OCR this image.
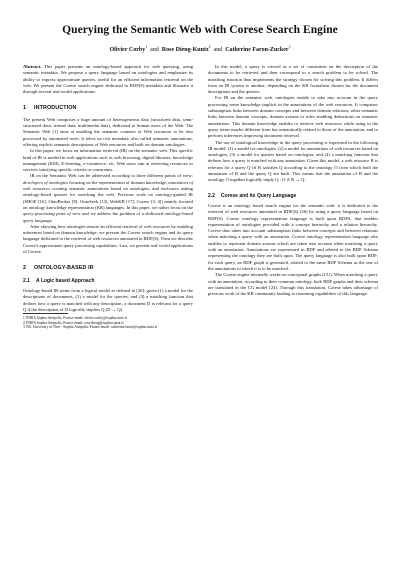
Querying the Semantic Web with Corese Search Engine
Olivier Corby$^1$ and Rose Dieng-Kuntz$^2$ and Catherine Faron-Zucker$^3$

Abstract. This paper presents an ontology-based approach for web querying, using semantic metadata. We propose a query language based on ontologies and emphasize its ability to express approximate queries, useful for an efficient information retrieval on the web. We present the Corese search engine dedicated to RDF(S) metadata and illustrate it through several real-world applications.

1 INTRODUCTION

The present Web comprises a huge amount of heterogeneous data (structured data, semi-structured data, textual data, multimedia data), dedicated to human users of the Web. The Semantic Web [1] aims at enabling the semantic contents of Web resources to be also processed by automated tools. It relies on rich metadata, also called semantic annotations, offering explicit semantic descriptions of Web resources and built on domain ontologies.

In this paper, we focus on information retrieval (IR) on the semantic web. This specific kind of IR is needed in web applications such as web browsing, digital libraries, knowledge management (KM), E-learning, e-commerce, etc. Web users aim at retrieving resources or services satisfying specific criteria or constraints.

IR on the Semantic Web can be addressed according to three different points of view: developers of ontologies focusing on the representation of domain knowledge, annotators of web resources creating semantic annotations based on ontologies, and end-users asking ontology-based queries for searching the web. Previous work on ontology-guided IR (SHOE [16], OntoBroker [8], OntoSeek [13], WebKB [17], Corese [3, 4]) mainly focused on ontology knowledge representation (KR) languages. In this paper, we rather focus on the query processing point of view and we address the problem of a dedicated ontology-based query language.

After showing how ontologies ensure an efficient retrieval of web resources by enabling inferences based on domain knowledge, we present the Corese search engine and its query language dedicated to the retrieval of web resources annotated in RDF(S). Then we describe Corese's approximate query processing capabilities. Last, we present real-world applications of Corese.

2 ONTOLOGY-BASED IR
2.1 A Logic based Approach

Ontology-based IR stems from a logical model as defined in [20]: given (1) a model for the descriptions of documents, (2) a model for the queries, and (3) a matching function that defines how a query is matched with any description, a document D is relevant for a query Q if the description of D logically implies Q (D → Q).

1 INRIA Sophia Antipolis, France email: olivier.corby@sophia.inria.fr
2 INRIA Sophia Antipolis, France email: rose.dieng@sophia.inria.fr
3 I3S, University of Nice - Sophia Antipolis, France email: catherine.faron@sophia.inria.fr

In this model, a query is viewed as a set of constraints on the description of the documents to be retrieved and then correspond to a search problem to be solved. The matching function thus implements the strategy chosen for solving this problem. It differs from an IR system to another, depending on the KR formalism chosen for the document descriptions and the queries.

For IR on the semantic web, ontologies enable to take into account in the query processing some knowledge implicit in the annotations of the web resources. It comprises subsumption links between domain concepts and between domain relations, other semantic links between domain concepts, domain axioms or rules enabling deductions on semantic annotations. This domain knowledge enables to retrieve web resources while using in the query terms maybe different from but semantically related to those of the annotation, and to perform inferences improving document retrieval.

The use of ontological knowledge in the query processing is expressed in the following IR model: (1) a model for ontologies, (2) a model for annotations of web resources based on ontologies, (3) a model for queries based on ontologies, and (4) a matching function that defines how a query is matched with any annotation. Given this model, a web resource R is relevant for a query Q iff R satisfies Q according to the ontology O from which both the annotation of R and the query Q are built. This means that the annotation of R and the ontology O together logically imply Q : O ∧ R → Q.

2.2 Corese and its Query Language

Corese is an ontology based search engine for the semantic web: it is dedicated to the retrieval of web resources annotated in RDF(S) [26] by using a query language based on RDF(S). Corese ontology representation language is built upon RDFS, that enables representation of ontologies provided with a concept hierarchy and a relation hierarchy. Corese thus takes into account subsumption links between concepts and between relations when matching a query with an annotation. Corese ontology representation language also enables to represent domain axioms which are taken into account when matching a query with an annotation. Annotations are represented in RDF and related to the RDF Schema representing the ontology they are built upon. The query language is also built upon RDF; for each query, an RDF graph is generated, related to the same RDF Schema as the one of the annotations to which it is to be matched.

The Corese engine internally works on conceptual graphs (CG). When matching a query with an annotation, according to their common ontology, both RDF graphs and their schema are translated in the CG model [24]. Through this translation, Corese takes advantage of previous work of the KR community leading to reasoning capabilities of this language.
